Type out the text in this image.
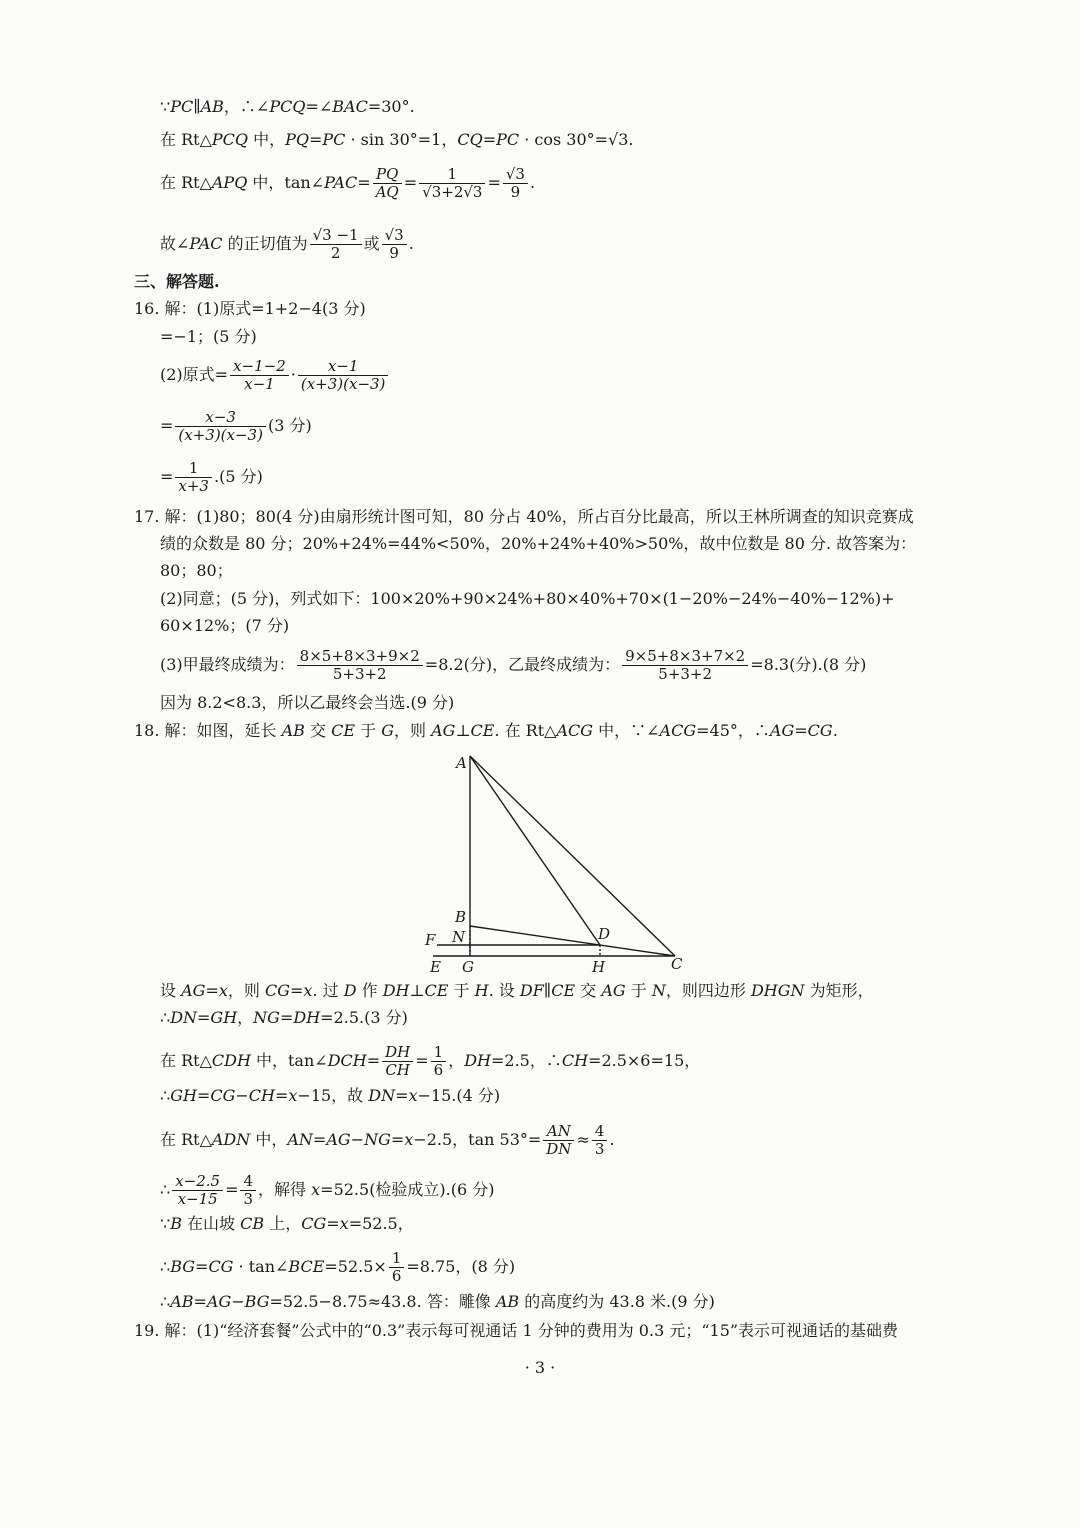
∵PC∥AB，∴∠PCQ=∠BAC=30°.
在 Rt△PCQ 中，PQ=PC · sin 30°=1，CQ=PC · cos 30°=√3.
在 Rt△APQ 中，tan∠PAC= $\frac{PQ}{AQ} = \frac{1}{√3+2√3} = \frac{√3}{9}$ .
故∠PAC 的正切值为 $\frac{√3 -1}{2}$ 或 $\frac{√3}{9}$ .
三、解答题.
16. 解：(1)原式=1+2−4(3 分)
=−1；(5 分)
(2)原式= $\frac{x-1-2}{x-1} \cdot \frac{x-1}{(x+3)(x-3)}$
= $\frac{x-3}{(x+3)(x-3)} (3$ 分)
= $\frac{1}{x+3} .(5$ 分)
17. 解：(1)80；80(4 分)由扇形统计图可知，80 分占 40%，所占百分比最高，所以王林所调查的知识竞赛成
绩的众数是 80 分；20%+24%=44%<50%，20%+24%+40%>50%，故中位数是 80 分. 故答案为：
80；80；
(2)同意；(5 分)，列式如下：100×20%+90×24%+80×40%+70×(1−20%−24%−40%−12%)+
60×12%；(7 分)
(3)甲最终成绩为： $\frac{8\times 5+8\times 3+9\times 2}{5+3+2} =8.2$(分)，乙最终成绩为： $\frac{9\times 5+8\times 3+7\times 2}{5+3+2} =8.3$(分).(8 分)
因为 8.2<8.3，所以乙最终会当选.(9 分)
18. 解：如图，延长 AB 交 CE 于 G，则 AG⊥CE. 在 Rt△ACG 中，∵∠ACG=45°，∴AG=CG.
A
B
N
F	D
E G	H	C
设 AG=x，则 CG=x. 过 D 作 DH⊥CE 于 H. 设 DF∥CE 交 AG 于 N，则四边形 DHGN 为矩形，
∴DN=GH，NG=DH=2.5.(3 分)
在 Rt△CDH 中，tan∠DCH= $\frac{DH}{CH} = \frac{1}{6}$ ，DH=2.5，∴CH=2.5×6=15，
∴GH=CG−CH=x−15，故 DN=x−15.(4 分)
在 Rt△ADN 中，AN=AG−NG=x−2.5，$\tan 53^\circ= \frac{AN}{DN} \approx \frac{4}{3}$ .
∴ $\frac{x-2.5}{x-15} = \frac{4}{3}$ ，解得 x=52.5(检验成立).(6 分)
∵B 在山坡 CB 上，CG=x=52.5，
∴BG=CG · tan∠BCE=52.5× $\frac{1}{6} =8.75$，(8 分)
∴AB=AG−BG=52.5−8.75≈43.8. 答：雕像 AB 的高度约为 43.8 米.(9 分)
19. 解：(1)“经济套餐”公式中的“0.3”表示每可视通话 1 分钟的费用为 0.3 元；“15”表示可视通话的基础费
· 3 ·
